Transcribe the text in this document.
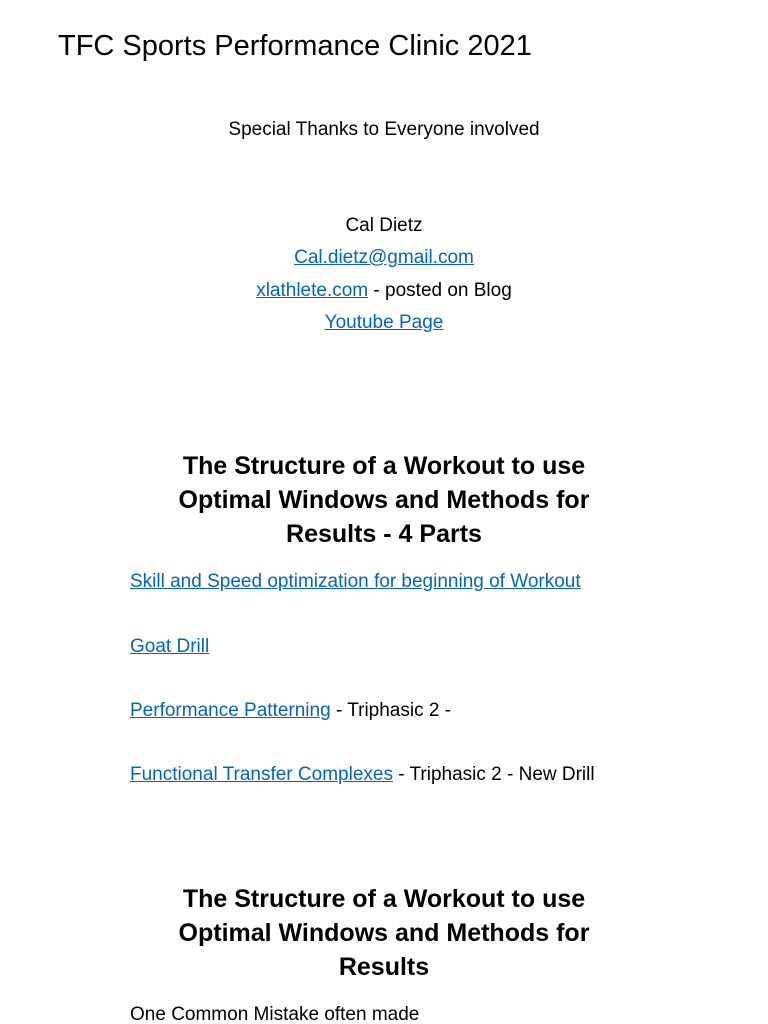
TFC Sports Performance Clinic 2021

Special Thanks to Everyone involved

Cal Dietz

Cal.dietz@gmail.com

xlathlete.com - posted on Blog

Youtube Page

The Structure of a Workout to use
Optimal Windows and Methods for
Results - 4 Parts

Skill and Speed optimization for beginning of Workout

Goat Drill

Performance Patterning - Triphasic 2 -

Functional Transfer Complexes - Triphasic 2 - New Drill

The Structure of a Workout to use
Optimal Windows and Methods for
Results

One Common Mistake often made
